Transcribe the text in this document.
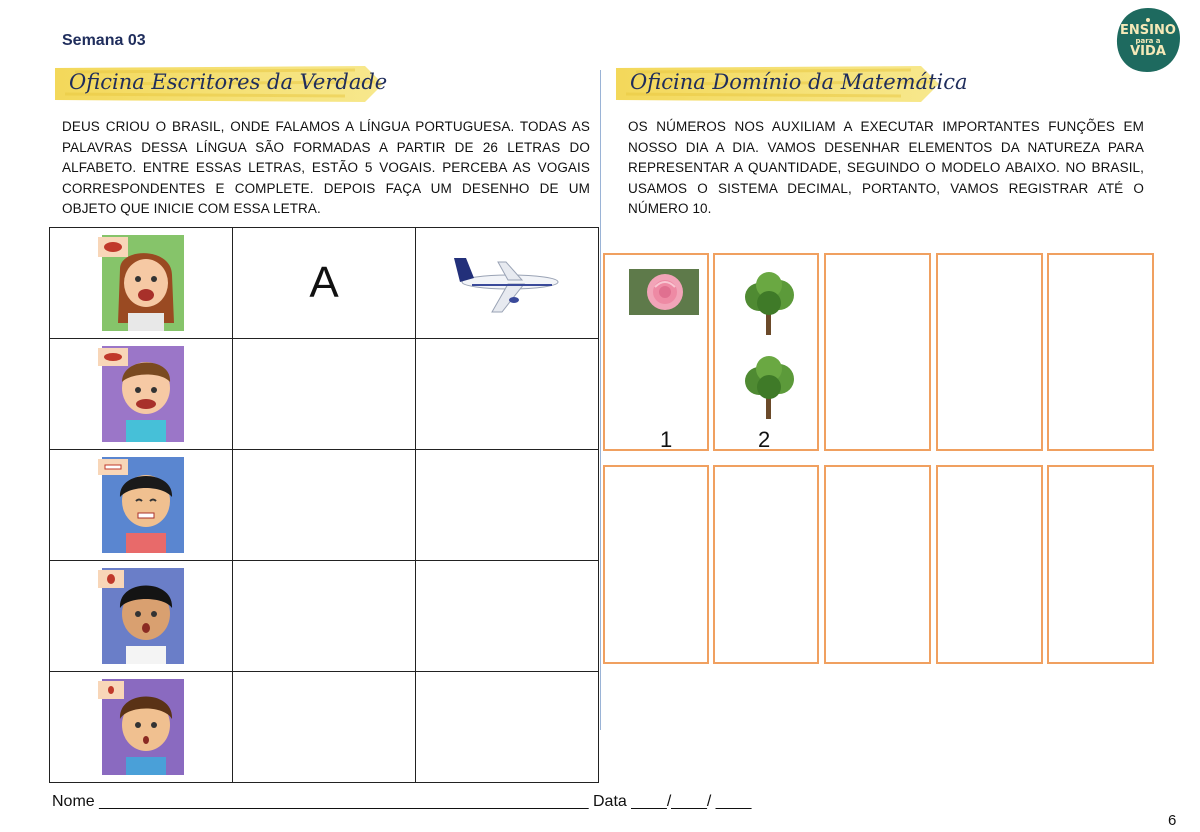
Semana 03
ENSINO
para a
VIDA
Oficina Escritores da Verdade
DEUS CRIOU O BRASIL, ONDE FALAMOS A LÍNGUA PORTUGUESA. TODAS AS PALAVRAS DESSA LÍNGUA SÃO FORMADAS A PARTIR DE 26 LETRAS DO ALFABETO. ENTRE ESSAS LETRAS, ESTÃO 5 VOGAIS. PERCEBA AS VOGAIS CORRESPONDENTES E COMPLETE. DEPOIS FAÇA UM DESENHO DE UM OBJETO QUE INICIE COM ESSA LETRA.
	A	

Oficina Domínio da Matemática
OS NÚMEROS NOS AUXILIAM A EXECUTAR IMPORTANTES FUNÇÕES EM NOSSO DIA A DIA. VAMOS DESENHAR ELEMENTOS DA NATUREZA PARA REPRESENTAR A QUANTIDADE, SEGUINDO O MODELO ABAIXO. NO BRASIL, USAMOS O SISTEMA DECIMAL, PORTANTO, VAMOS REGISTRAR ATÉ O NÚMERO 10.
1	2
Nome _______________________________________________________ Data ____/____/ ____
6
